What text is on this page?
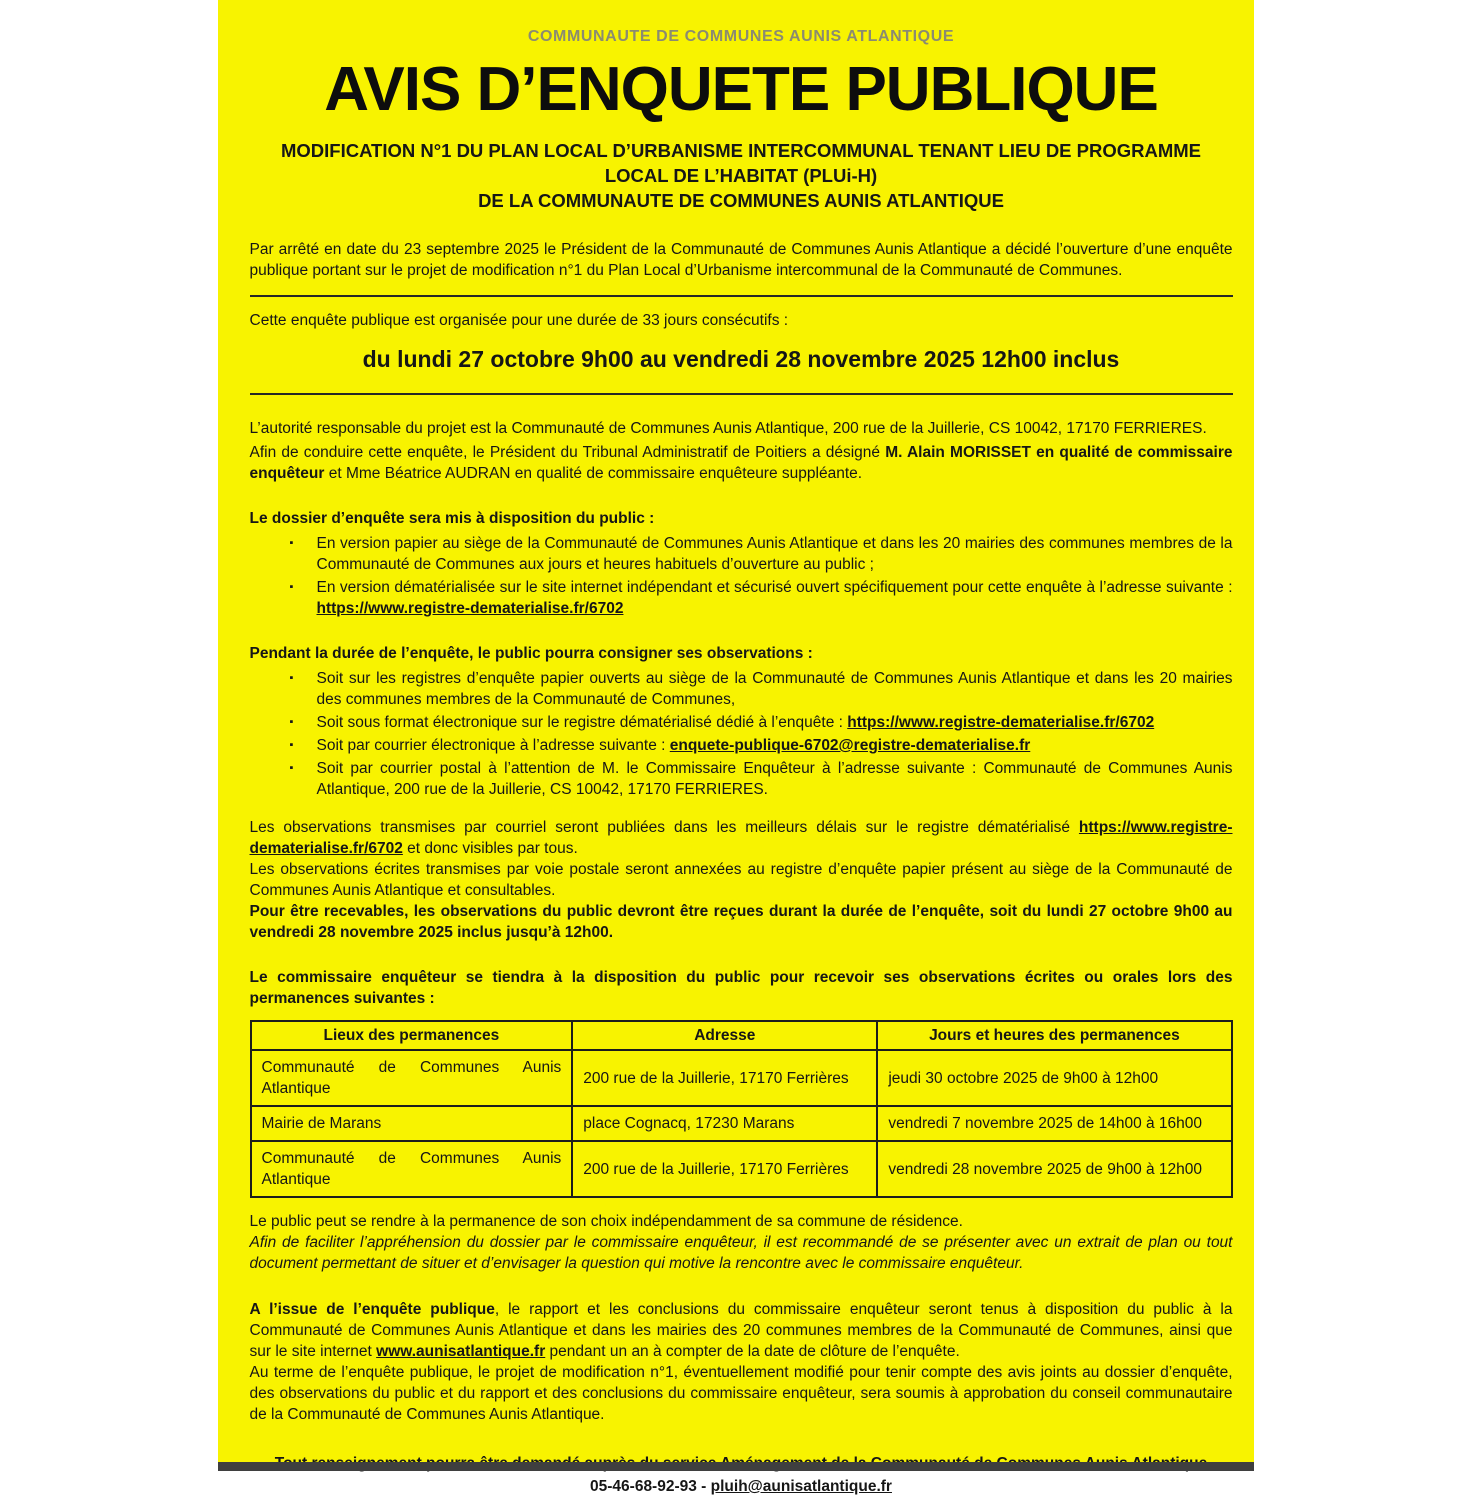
COMMUNAUTE DE COMMUNES AUNIS ATLANTIQUE
AVIS D’ENQUETE PUBLIQUE
MODIFICATION N°1 DU PLAN LOCAL D’URBANISME INTERCOMMUNAL TENANT LIEU DE PROGRAMME
LOCAL DE L’HABITAT (PLUi-H)
DE LA COMMUNAUTE DE COMMUNES AUNIS ATLANTIQUE

Par arrêté en date du 23 septembre 2025 le Président de la Communauté de Communes Aunis Atlantique a décidé l’ouverture d’une enquête publique portant sur le projet de modification n°1 du Plan Local d’Urbanisme intercommunal de la Communauté de Communes.

Cette enquête publique est organisée pour une durée de 33 jours consécutifs :

du lundi 27 octobre 9h00 au vendredi 28 novembre 2025 12h00 inclus

L’autorité responsable du projet est la Communauté de Communes Aunis Atlantique, 200 rue de la Juillerie, CS 10042, 17170 FERRIERES.

Afin de conduire cette enquête, le Président du Tribunal Administratif de Poitiers a désigné M. Alain MORISSET en qualité de commissaire enquêteur et Mme Béatrice AUDRAN en qualité de commissaire enquêteure suppléante.

Le dossier d’enquête sera mis à disposition du public :

▪ En version papier au siège de la Communauté de Communes Aunis Atlantique et dans les 20 mairies des communes membres de la Communauté de Communes aux jours et heures habituels d’ouverture au public ;
▪ En version dématérialisée sur le site internet indépendant et sécurisé ouvert spécifiquement pour cette enquête à l’adresse suivante : https://www.registre-dematerialise.fr/6702

Pendant la durée de l’enquête, le public pourra consigner ses observations :

▪ Soit sur les registres d’enquête papier ouverts au siège de la Communauté de Communes Aunis Atlantique et dans les 20 mairies des communes membres de la Communauté de Communes,
▪ Soit sous format électronique sur le registre dématérialisé dédié à l’enquête : https://www.registre-dematerialise.fr/6702
▪ Soit par courrier électronique à l’adresse suivante : enquete-publique-6702@registre-dematerialise.fr
▪ Soit par courrier postal à l’attention de M. le Commissaire Enquêteur à l’adresse suivante : Communauté de Communes Aunis Atlantique, 200 rue de la Juillerie, CS 10042, 17170 FERRIERES.

Les observations transmises par courriel seront publiées dans les meilleurs délais sur le registre dématérialisé https://www.registre-dematerialise.fr/6702 et donc visibles par tous.

Les observations écrites transmises par voie postale seront annexées au registre d’enquête papier présent au siège de la Communauté de Communes Aunis Atlantique et consultables.

Pour être recevables, les observations du public devront être reçues durant la durée de l’enquête, soit du lundi 27 octobre 9h00 au vendredi 28 novembre 2025 inclus jusqu’à 12h00.

Le commissaire enquêteur se tiendra à la disposition du public pour recevoir ses observations écrites ou orales lors des permanences suivantes :

Lieux des permanences	Adresse	Jours et heures des permanences
Communauté de Communes Aunis Atlantique	200 rue de la Juillerie, 17170 Ferrières	jeudi 30 octobre 2025 de 9h00 à 12h00
Mairie de Marans	place Cognacq, 17230 Marans	vendredi 7 novembre 2025 de 14h00 à 16h00
Communauté de Communes Aunis Atlantique	200 rue de la Juillerie, 17170 Ferrières	vendredi 28 novembre 2025 de 9h00 à 12h00

Le public peut se rendre à la permanence de son choix indépendamment de sa commune de résidence.

Afin de faciliter l’appréhension du dossier par le commissaire enquêteur, il est recommandé de se présenter avec un extrait de plan ou tout document permettant de situer et d’envisager la question qui motive la rencontre avec le commissaire enquêteur.

A l’issue de l’enquête publique, le rapport et les conclusions du commissaire enquêteur seront tenus à disposition du public à la Communauté de Communes Aunis Atlantique et dans les mairies des 20 communes membres de la Communauté de Communes, ainsi que sur le site internet www.aunisatlantique.fr pendant un an à compter de la date de clôture de l’enquête.

Au terme de l’enquête publique, le projet de modification n°1, éventuellement modifié pour tenir compte des avis joints au dossier d’enquête, des observations du public et du rapport et des conclusions du commissaire enquêteur, sera soumis à approbation du conseil communautaire de la Communauté de Communes Aunis Atlantique.

05-46-68-92-93 - pluih@aunisatlantique.fr
